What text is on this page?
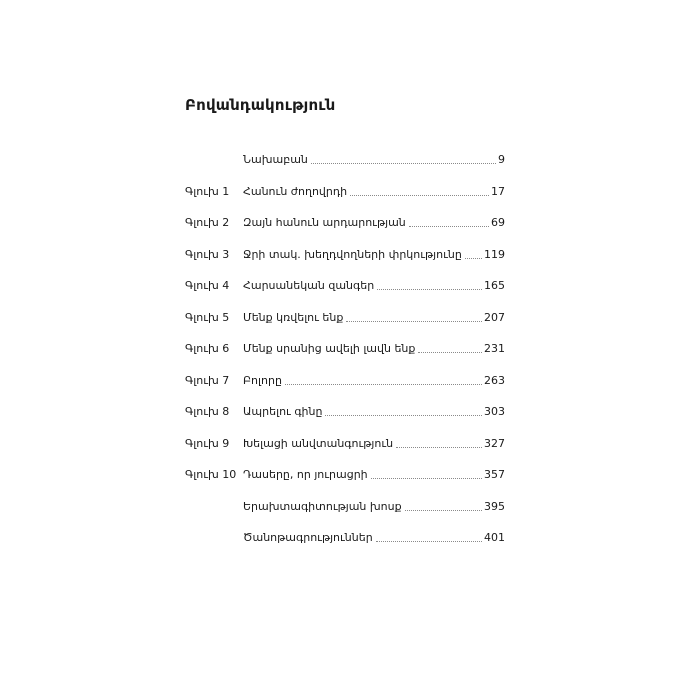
Բովանդակություն
Նախաբան	9
Գլուխ 1	Հանուն ժողովրդի	17
Գլուխ 2	Զայն հանուն արդարության	69
Գլուխ 3	Ջրի տակ. խեղդվողների փրկությունը 119
Գլուխ 4	Հարսանեկան զանգեր	165
Գլուխ 5	Մենք կռվելու ենք	207
Գլուխ 6	Մենք սրանից ավելի լավն ենք	231
Գլուխ 7	Բոլորը	263
Գլուխ 8	Ապրելու գինը	303
Գլուխ 9	Խելացի անվտանգություն	327
Գլուխ 10 Դասերը, որ յուրացրի	357
Երախտագիտության խոսք	395
Ծանոթագրություններ	401
